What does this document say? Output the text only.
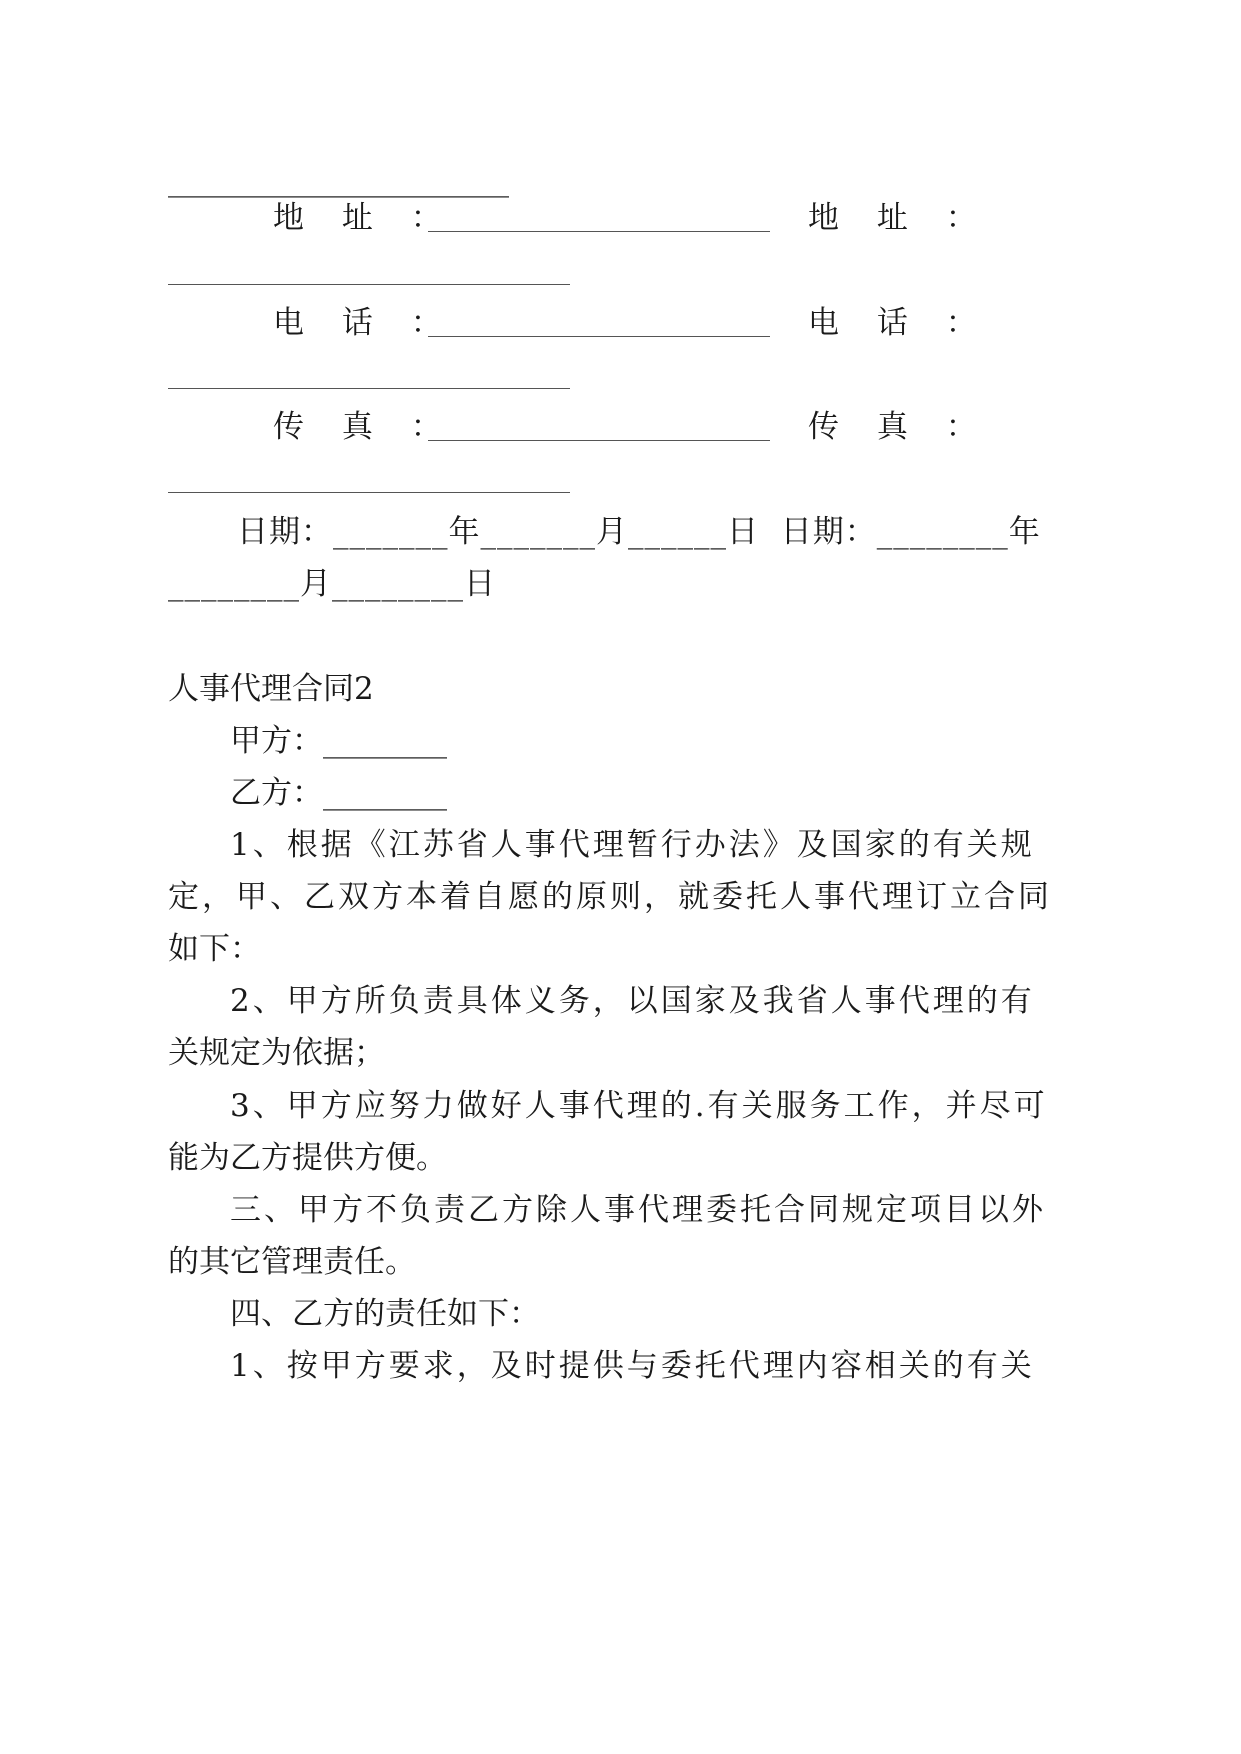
______________________
地 址 ：	地 址 ：
电 话 ：	电 话 ：
传 真 ：	传 真 ：
日期：_______年_______月______日  日期：________年
________月________日
人事代理合同2
甲方：________
乙方：________
1、根据《江苏省人事代理暂行办法》及国家的有关规
定，甲、乙双方本着自愿的原则，就委托人事代理订立合同
如下：
2、甲方所负责具体义务，以国家及我省人事代理的有
关规定为依据；
3、甲方应努力做好人事代理的.有关服务工作，并尽可
能为乙方提供方便。
三、甲方不负责乙方除人事代理委托合同规定项目以外
的其它管理责任。
四、乙方的责任如下：
1、按甲方要求，及时提供与委托代理内容相关的有关
